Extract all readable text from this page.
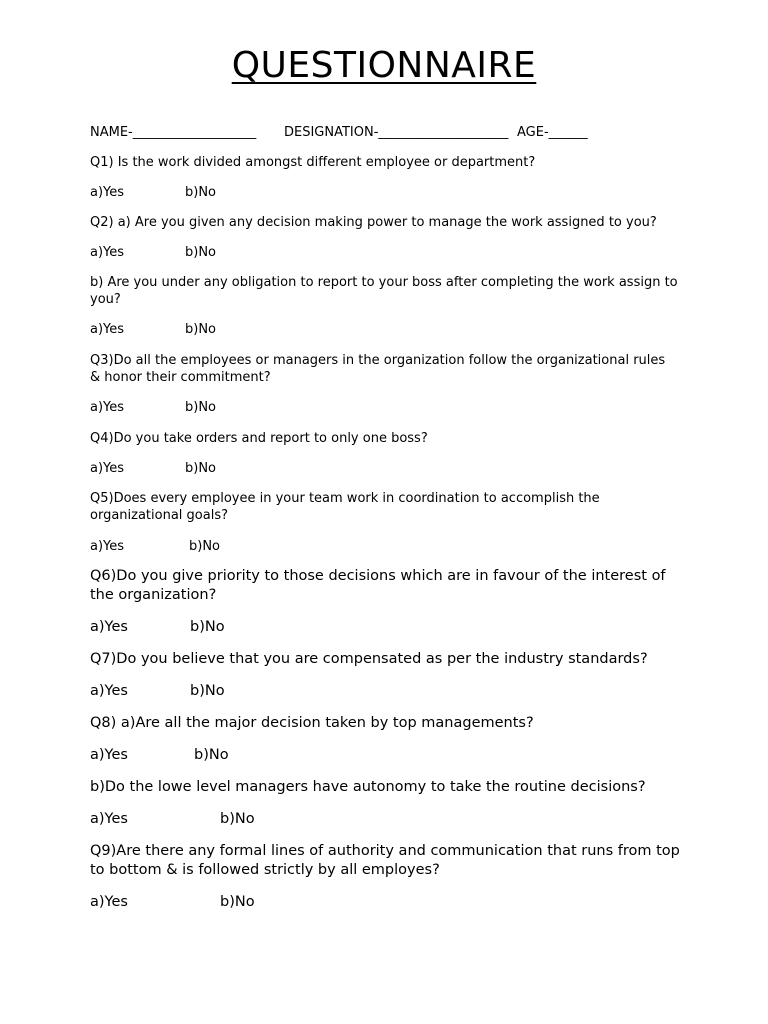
QUESTIONNAIRE
NAME-___________________ DESIGNATION-____________________ AGE-______
Q1) Is the work divided amongst different employee or department?
a)Yes	b)No
Q2) a) Are you given any decision making power to manage the work assigned to you?
a)Yes	b)No
b) Are you under any obligation to report to your boss after completing the work assign to you?
a)Yes	b)No
Q3)Do all the employees or managers in the organization follow the organizational rules & honor their commitment?
a)Yes	b)No
Q4)Do you take orders and report to only one boss?
a)Yes	b)No
Q5)Does every employee in your team work in coordination to accomplish the organizational goals?
a)Yes	b)No
Q6)Do you give priority to those decisions which are in favour of the interest of the organization?
a)Yes	b)No
Q7)Do you believe that you are compensated as per the industry standards?
a)Yes	b)No
Q8) a)Are all the major decision taken by top managements?
a)Yes	b)No
b)Do the lowe level managers have autonomy to take the routine decisions?
a)Yes	b)No
Q9)Are there any formal lines of authority and communication that runs from top to bottom & is followed strictly by all employes?
a)Yes	b)No
